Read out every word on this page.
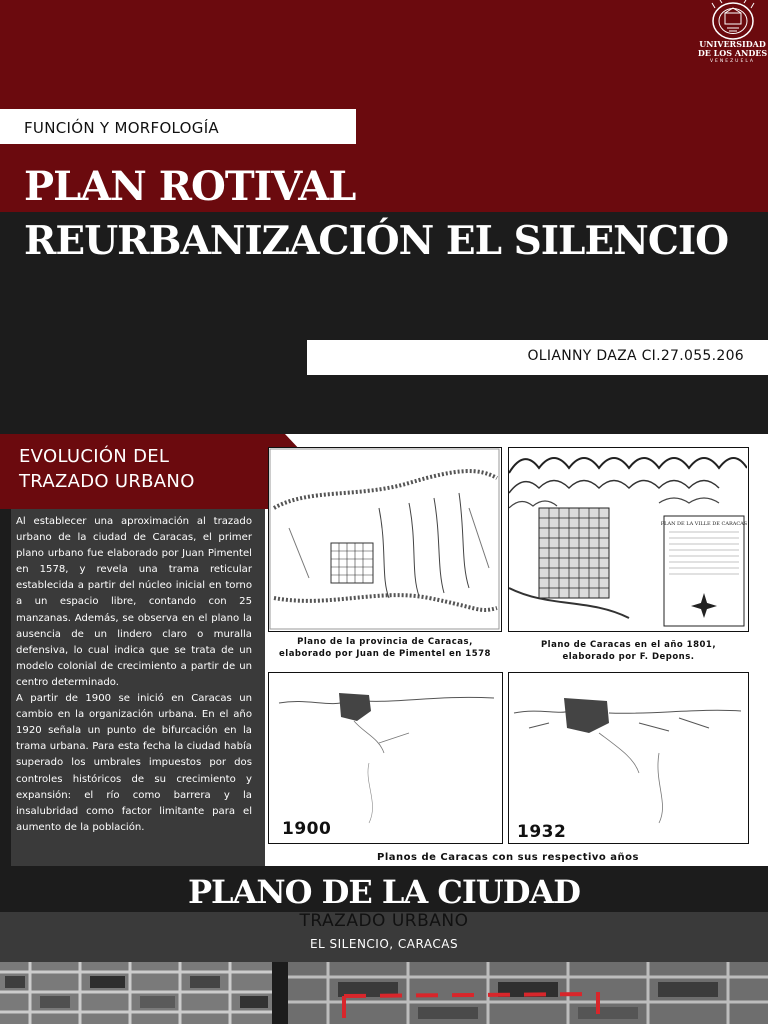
UNIVERSIDAD
DE LOS ANDES
VENEZUELA
FUNCIÓN Y MORFOLOGÍA
PLAN ROTIVAL
REURBANIZACIÓN EL SILENCIO
OLIANNY DAZA CI.27.055.206
EVOLUCIÓN DEL
TRAZADO URBANO

Al establecer una aproximación al trazado urbano de la ciudad de Caracas, el primer plano urbano fue elaborado por Juan Pimentel en 1578, y revela una trama reticular establecida a partir del núcleo inicial en torno a un espacio libre, contando con 25 manzanas. Además, se observa en el plano la ausencia de un lindero claro o muralla defensiva, lo cual indica que se trata de un modelo colonial de crecimiento a partir de un centro determinado.

A partir de 1900 se inició en Caracas un cambio en la organización urbana. En el año 1920 señala un punto de bifurcación en la trama urbana. Para esta fecha la ciudad había superado los umbrales impuestos por dos controles históricos de su crecimiento y expansión: el río como barrera y la insalubridad como factor limitante para el aumento de la población.

Plano de la provincia de Caracas,
elaborado por Juan de Pimentel en 1578
PLAN DE LA VILLE DE CARACAS
Plano de Caracas en el año 1801,
elaborado por F. Depons.
1900	1932
Planos de Caracas con sus respectivo años
PLANO DE LA CIUDAD
TRAZADO URBANO
EL SILENCIO, CARACAS
